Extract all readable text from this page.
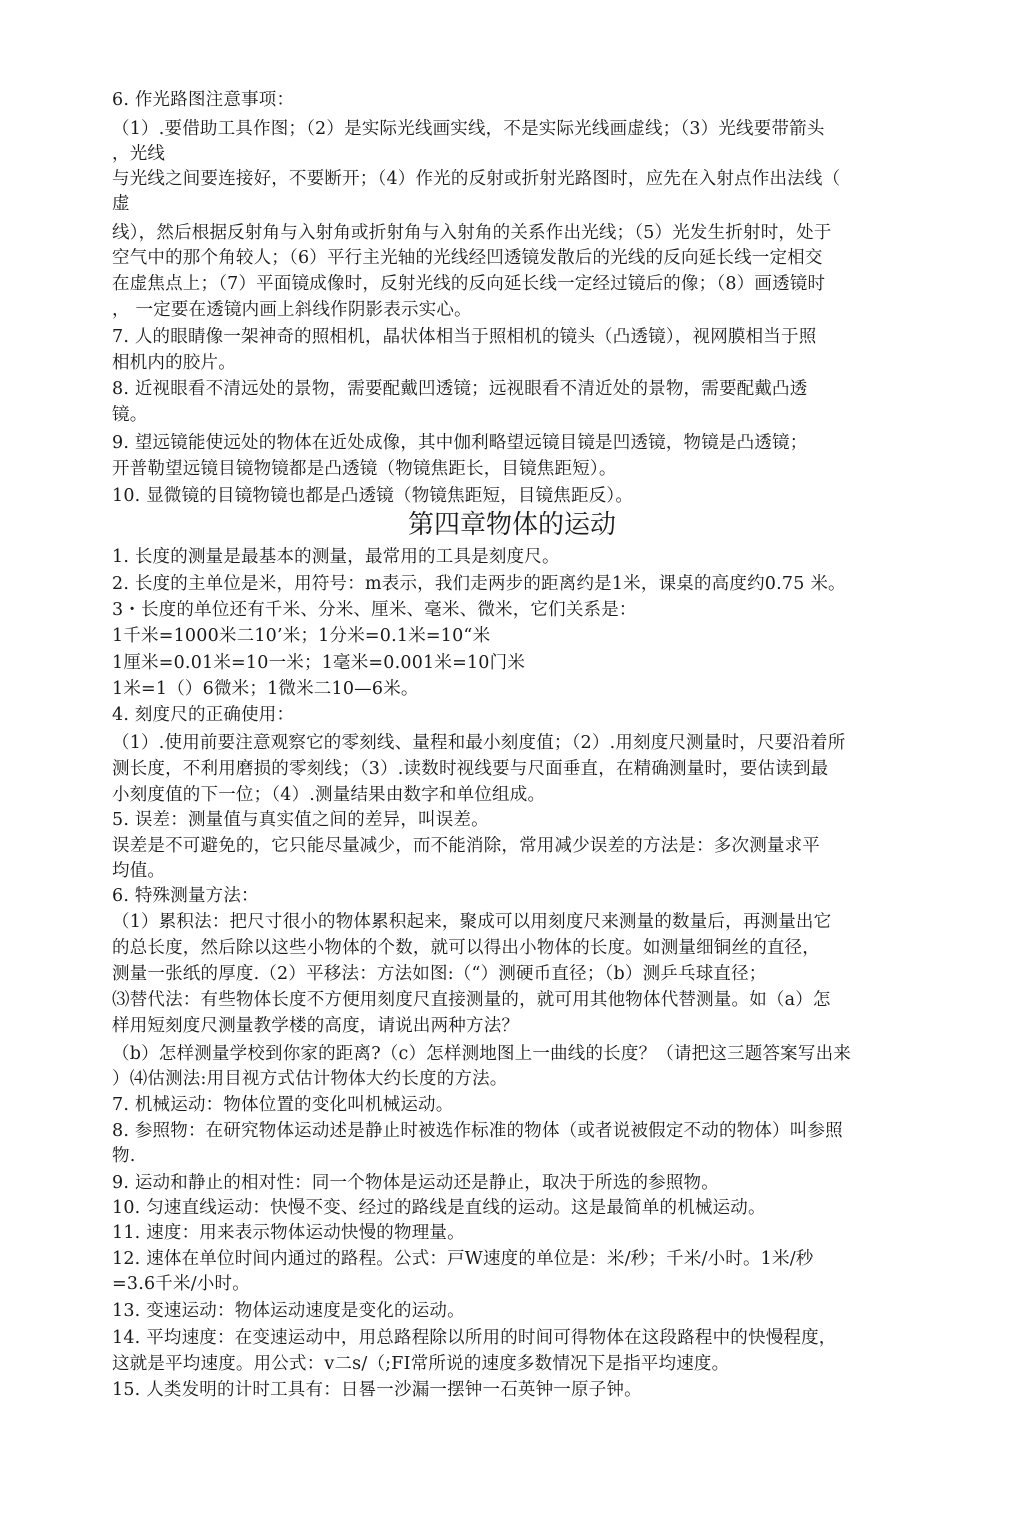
6. 作光路图注意事项：
（1）.要借助工具作图；（2）是实际光线画实线，不是实际光线画虚线；（3）光线要带箭头
，光线
与光线之间要连接好，不要断开；（4）作光的反射或折射光路图时，应先在入射点作出法线（
虚
线），然后根据反射角与入射角或折射角与入射角的关系作出光线；（5）光发生折射时，处于
空气中的那个角较人；（6）平行主光轴的光线经凹透镜发散后的光线的反向延长线一定相交
在虚焦点上；（7）平面镜成像时，反射光线的反向延长线一定经过镜后的像；（8）画透镜时
， 一定要在透镜内画上斜线作阴影表示实心。
7. 人的眼睛像一架神奇的照相机，晶状体相当于照相机的镜头（凸透镜），视网膜相当于照
相机内的胶片。
8. 近视眼看不清远处的景物，需要配戴凹透镜；远视眼看不清近处的景物，需要配戴凸透
镜。
9. 望远镜能使远处的物体在近处成像，其中伽利略望远镜目镜是凹透镜，物镜是凸透镜；
开普勒望远镜目镜物镜都是凸透镜（物镜焦距长，目镜焦距短）。
10. 显微镜的目镜物镜也都是凸透镜（物镜焦距短，目镜焦距反）。
第四章物体的运动
1. 长度的测量是最基本的测量，最常用的工具是刻度尺。
2. 长度的主单位是米，用符号：m表示，我们走两步的距离约是1米，课桌的高度约0.75 米。
3・长度的单位还有千米、分米、厘米、毫米、微米，它们关系是：
1千米=1000米二10’米；1分米=0.1米=10“米
1厘米=0.01米=10一米；1毫米=0.001米=10门米
1米=1（）6微米；1微米二10—6米。
4. 刻度尺的正确使用：
（1）.使用前要注意观察它的零刻线、量程和最小刻度值；（2）.用刻度尺测量时，尺要沿着所
测长度，不利用磨损的零刻线；（3）.读数时视线要与尺面垂直，在精确测量时，要估读到最
小刻度值的下一位；（4）.测量结果由数字和单位组成。
5. 误差：测量值与真实值之间的差异，叫误差。
误差是不可避免的，它只能尽量减少，而不能消除，常用减少误差的方法是：多次测量求平
均值。
6. 特殊测量方法：
（1）累积法：把尺寸很小的物体累积起来，聚成可以用刻度尺来测量的数量后，再测量出它
的总长度，然后除以这些小物体的个数，就可以得出小物体的长度。如测量细铜丝的直径，
测量一张纸的厚度.（2）平移法：方法如图:（“）测硬币直径；（b）测乒乓球直径；
⑶替代法：有些物体长度不方便用刻度尺直接测量的，就可用其他物体代替测量。如（a）怎
样用短刻度尺测量教学楼的高度，请说出两种方法？
（b）怎样测量学校到你家的距离?（c）怎样测地图上一曲线的长度？（请把这三题答案写出来
）⑷估测法:用目视方式估计物体大约长度的方法。
7. 机械运动：物体位置的变化叫机械运动。
8. 参照物：在研究物体运动述是静止时被选作标准的物体（或者说被假定不动的物体）叫参照
物.
9. 运动和静止的相对性：同一个物体是运动还是静止，取决于所选的参照物。
10. 匀速直线运动：快慢不变、经过的路线是直线的运动。这是最简单的机械运动。
11. 速度：用来表示物体运动快慢的物理量。
12. 速体在单位时间内通过的路程。公式：戸W速度的单位是：米/秒；千米/小时。1米/秒
=3.6千米/小时。
13. 变速运动：物体运动速度是变化的运动。
14. 平均速度：在变速运动中，用总路程除以所用的时间可得物体在这段路程中的快慢程度，
这就是平均速度。用公式：v二s/（;FI常所说的速度多数情况下是指平均速度。
15. 人类发明的计时工具有：日晷一沙漏一摆钟一石英钟一原子钟。
